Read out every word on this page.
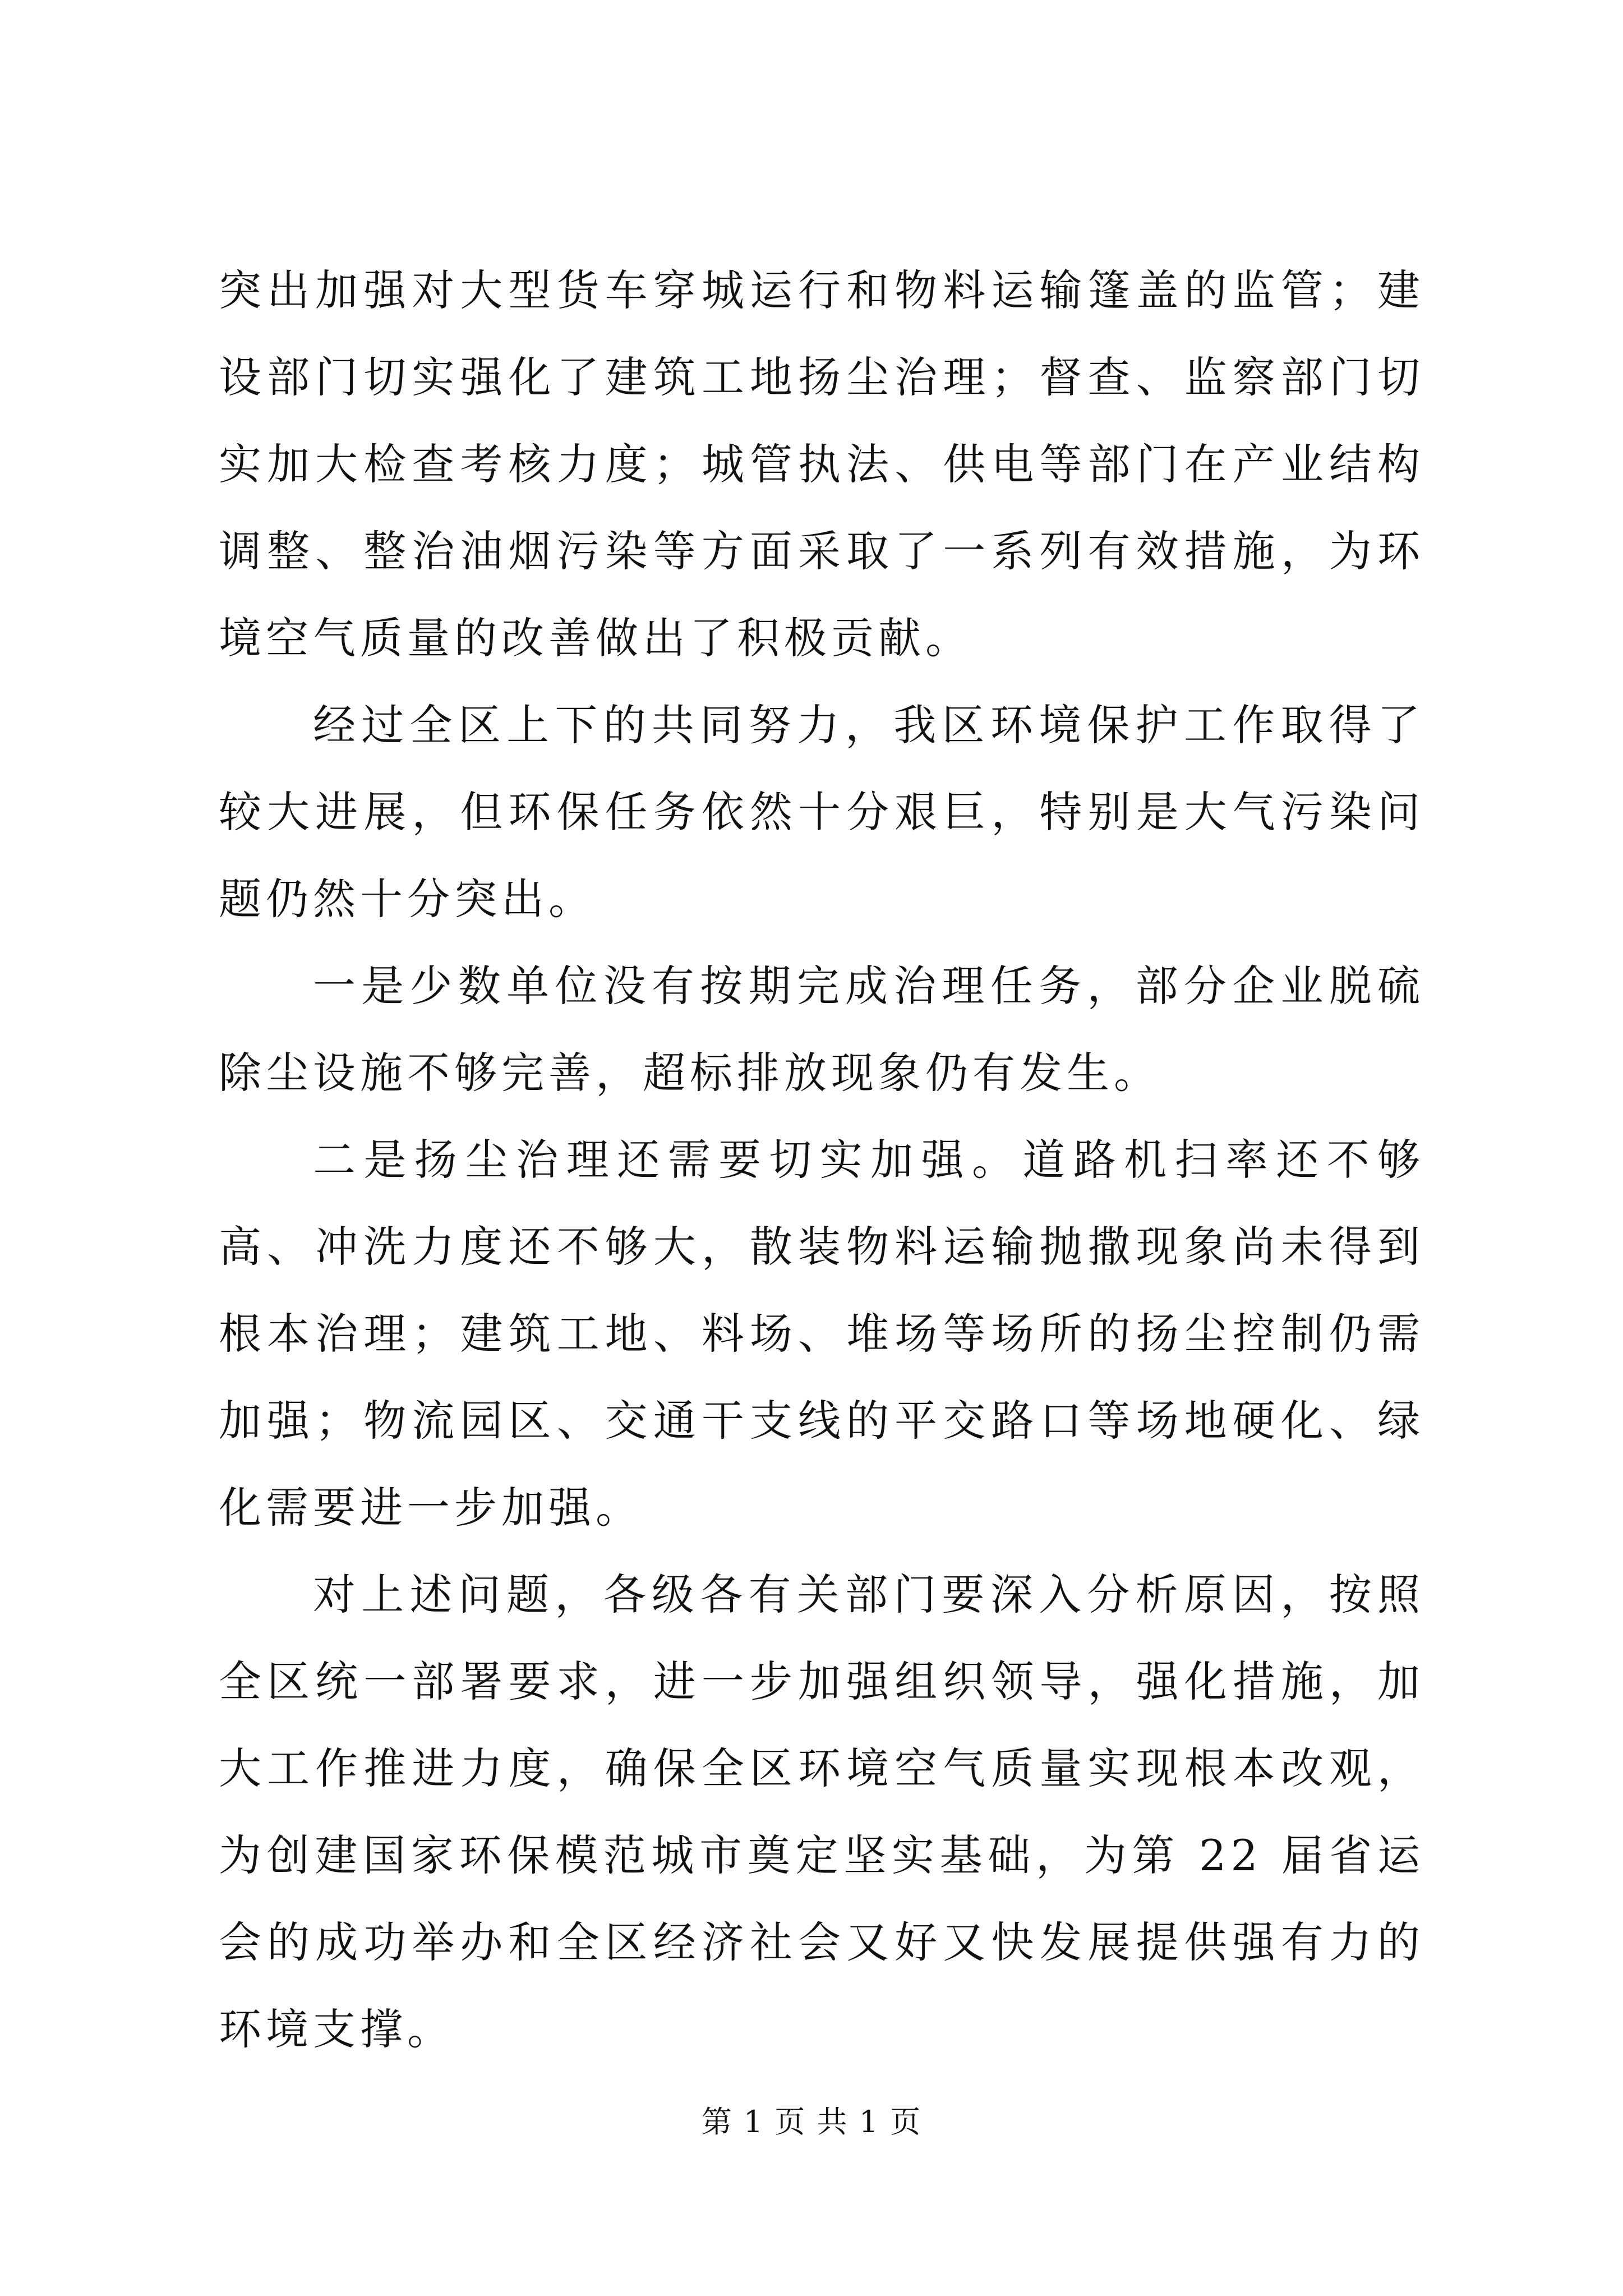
突出加强对大型货车穿城运行和物料运输篷盖的监管；建设部门切实强化了建筑工地扬尘治理；督查、监察部门切实加大检查考核力度；城管执法、供电等部门在产业结构调整、整治油烟污染等方面采取了一系列有效措施，为环境空气质量的改善做出了积极贡献。

经过全区上下的共同努力，我区环境保护工作取得了较大进展，但环保任务依然十分艰巨，特别是大气污染问题仍然十分突出。

一是少数单位没有按期完成治理任务，部分企业脱硫除尘设施不够完善，超标排放现象仍有发生。

二是扬尘治理还需要切实加强。道路机扫率还不够高、冲洗力度还不够大，散装物料运输抛撒现象尚未得到根本治理；建筑工地、料场、堆场等场所的扬尘控制仍需加强；物流园区、交通干支线的平交路口等场地硬化、绿化需要进一步加强。

对上述问题，各级各有关部门要深入分析原因，按照全区统一部署要求，进一步加强组织领导，强化措施，加大工作推进力度，确保全区环境空气质量实现根本改观，为创建国家环保模范城市奠定坚实基础，为第 22 届省运会的成功举办和全区经济社会又好又快发展提供强有力的环境支撑。

第 1 页 共 1 页
